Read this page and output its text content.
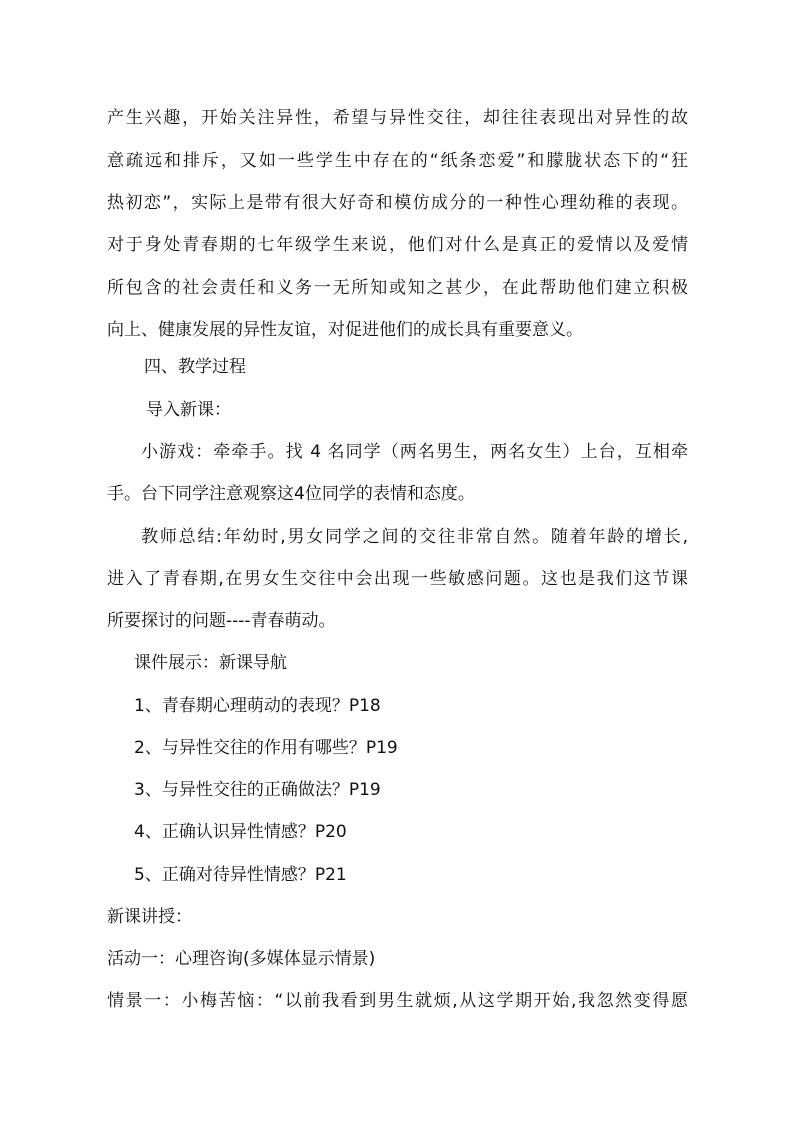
产生兴趣，开始关注异性，希望与异性交往，却往往表现出对异性的故
意疏远和排斥，又如一些学生中存在的“纸条恋爱”和朦胧状态下的“狂
热初恋”，实际上是带有很大好奇和模仿成分的一种性心理幼稚的表现。
对于身处青春期的七年级学生来说，他们对什么是真正的爱情以及爱情
所包含的社会责任和义务一无所知或知之甚少，在此帮助他们建立积极
向上、健康发展的异性友谊，对促进他们的成长具有重要意义。
四、教学过程
导入新课：
小游戏：牵牵手。找 4 名同学（两名男生，两名女生）上台，互相牵
手。台下同学注意观察这4位同学的表情和态度。
教师总结:年幼时,男女同学之间的交往非常自然。随着年龄的增长,
进入了青春期,在男女生交往中会出现一些敏感问题。这也是我们这节课
所要探讨的问题----青春萌动。
课件展示：新课导航
1、青春期心理萌动的表现？P18
2、与异性交往的作用有哪些？P19
3、与异性交往的正确做法？P19
4、正确认识异性情感？P20
5、正确对待异性情感？P21
新课讲授：
活动一：心理咨询(多媒体显示情景)
情景一：小梅苦恼：“以前我看到男生就烦,从这学期开始,我忽然变得愿
